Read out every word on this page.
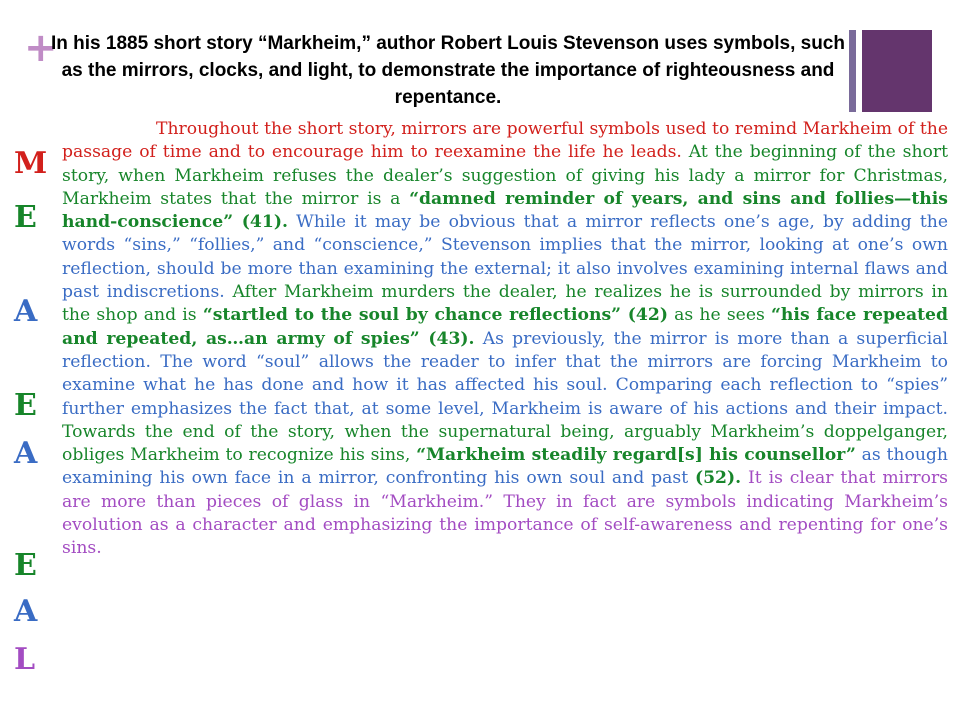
+
In his 1885 short story “Markheim,” author Robert Louis Stevenson uses symbols, such as the mirrors, clocks, and light, to demonstrate the importance of righteousness and repentance.
M
E
A
E
A
E
A
L

Throughout the short story, mirrors are powerful symbols used to remind Markheim of the passage of time and to encourage him to reexamine the life he leads. At the beginning of the short story, when Markheim refuses the dealer’s suggestion of giving his lady a mirror for Christmas, Markheim states that the mirror is a “damned reminder of years, and sins and follies—this hand-conscience” (41). While it may be obvious that a mirror reflects one’s age, by adding the words “sins,” “follies,” and “conscience,” Stevenson implies that the mirror, looking at one’s own reflection, should be more than examining the external; it also involves examining internal flaws and past indiscretions. After Markheim murders the dealer, he realizes he is surrounded by mirrors in the shop and is “startled to the soul by chance reflections” (42) as he sees “his face repeated and repeated, as…an army of spies” (43). As previously, the mirror is more than a superficial reflection. The word “soul” allows the reader to infer that the mirrors are forcing Markheim to examine what he has done and how it has affected his soul. Comparing each reflection to “spies” further emphasizes the fact that, at some level, Markheim is aware of his actions and their impact. Towards the end of the story, when the supernatural being, arguably Markheim’s doppelganger, obliges Markheim to recognize his sins, “Markheim steadily regard[s] his counsellor” as though examining his own face in a mirror, confronting his own soul and past (52). It is clear that mirrors are more than pieces of glass in “Markheim.” They in fact are symbols indicating Markheim’s evolution as a character and emphasizing the importance of self-awareness and repenting for one’s sins.
